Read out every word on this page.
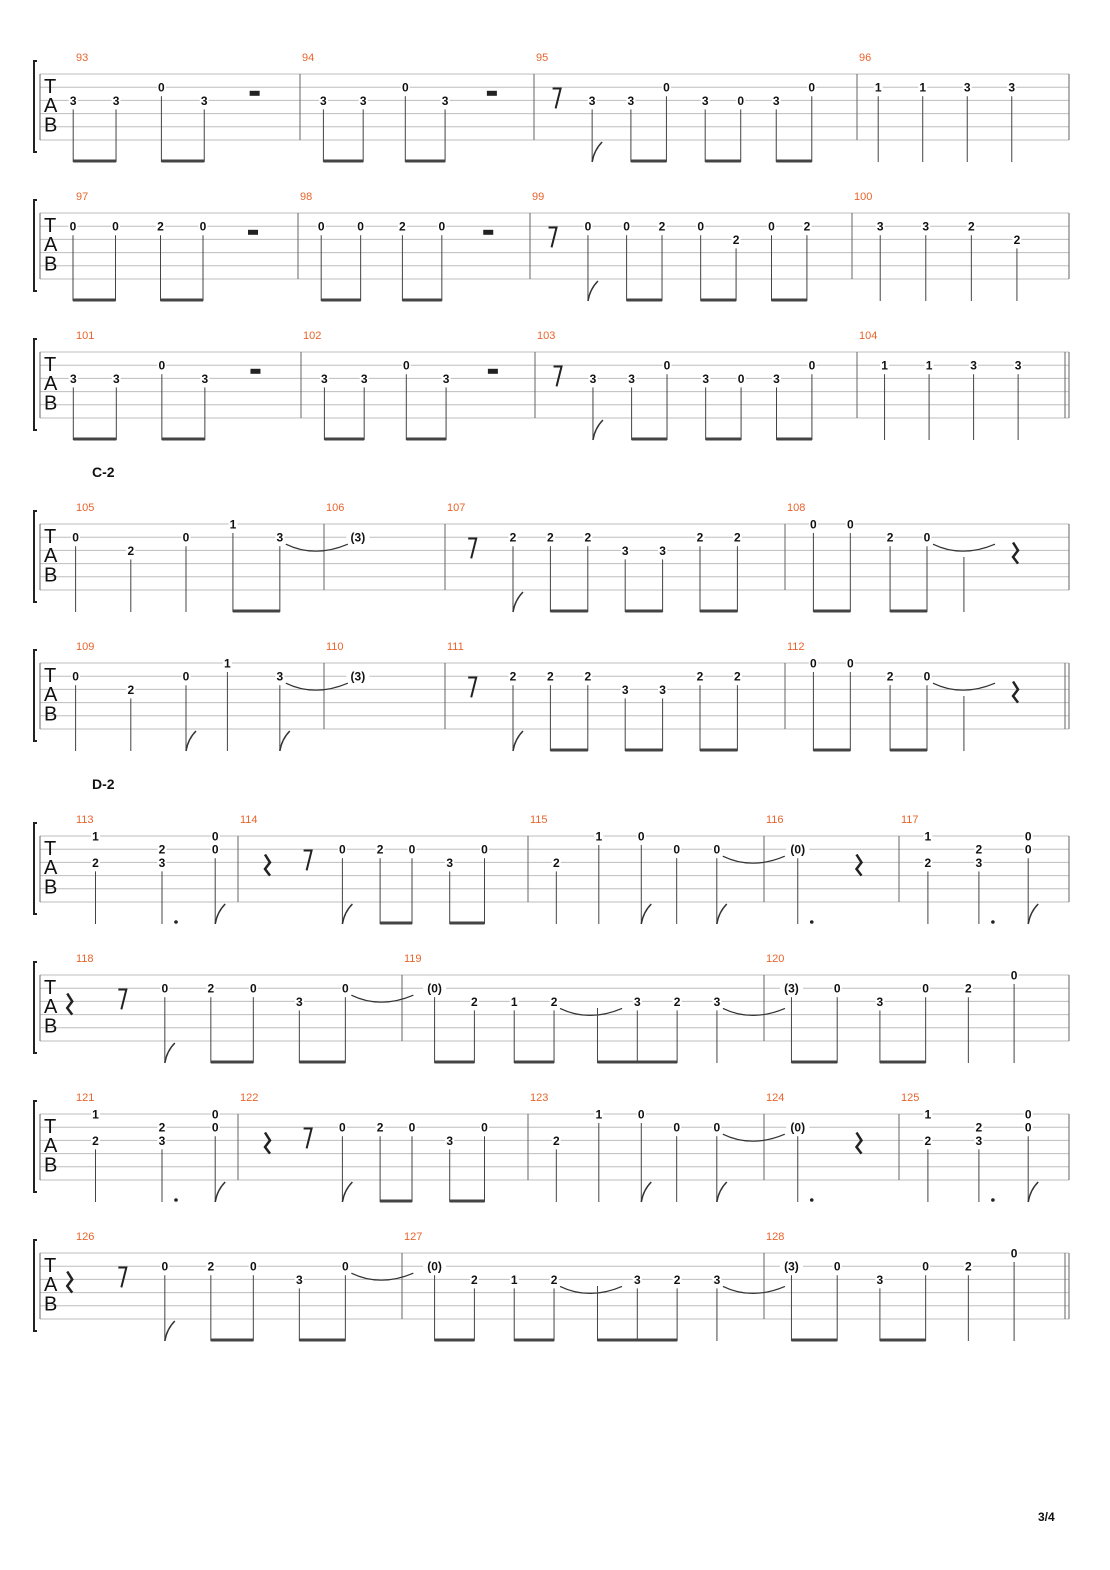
T
A
B
93
3	3
0
3
94
3	3
0
3
95
3	3
0
3 0 3
0
96
1	1	3	3
T
A
B
97
0	0	2	0
98
0	0	2	0
99
0	0 2	0
2
0 2
100
3	3	2
2
T
A
B
101
3	3
0
3
102
3	3
0
3
103
3	3
0
3 0 3
0
104
1	1	3	3
C-2
T
A
B
105
0
2
0
1
3
106
(3)
107
2	2	2
3	3
2	2
108
0	0
2	0
T
A
B
109
0
2
0
1
3
110
(3)
111
2	2	2
3	3
2	2
112
0	0
2	0
D-2
T
A
B
113
1
2
2
3
0
0
114
0	2 0
3
0
115
2
1	0
0	0
116
(0)
117
1
2
2
3
0
0
T
A
B
118
0	2	0
3
0
119
(0)
2	1	2	3	2	3
120
(3)	0
3
0	2
0
T
A
B
121
1
2
2
3
0
0
122
0	2 0
3
0
123
2
1	0
0	0
124
(0)
125
1
2
2
3
0
0
T
A
B
126
0	2	0
3
0
127
(0)
2	1	2	3	2	3
128
(3)	0
3
0	2
0
3/4
